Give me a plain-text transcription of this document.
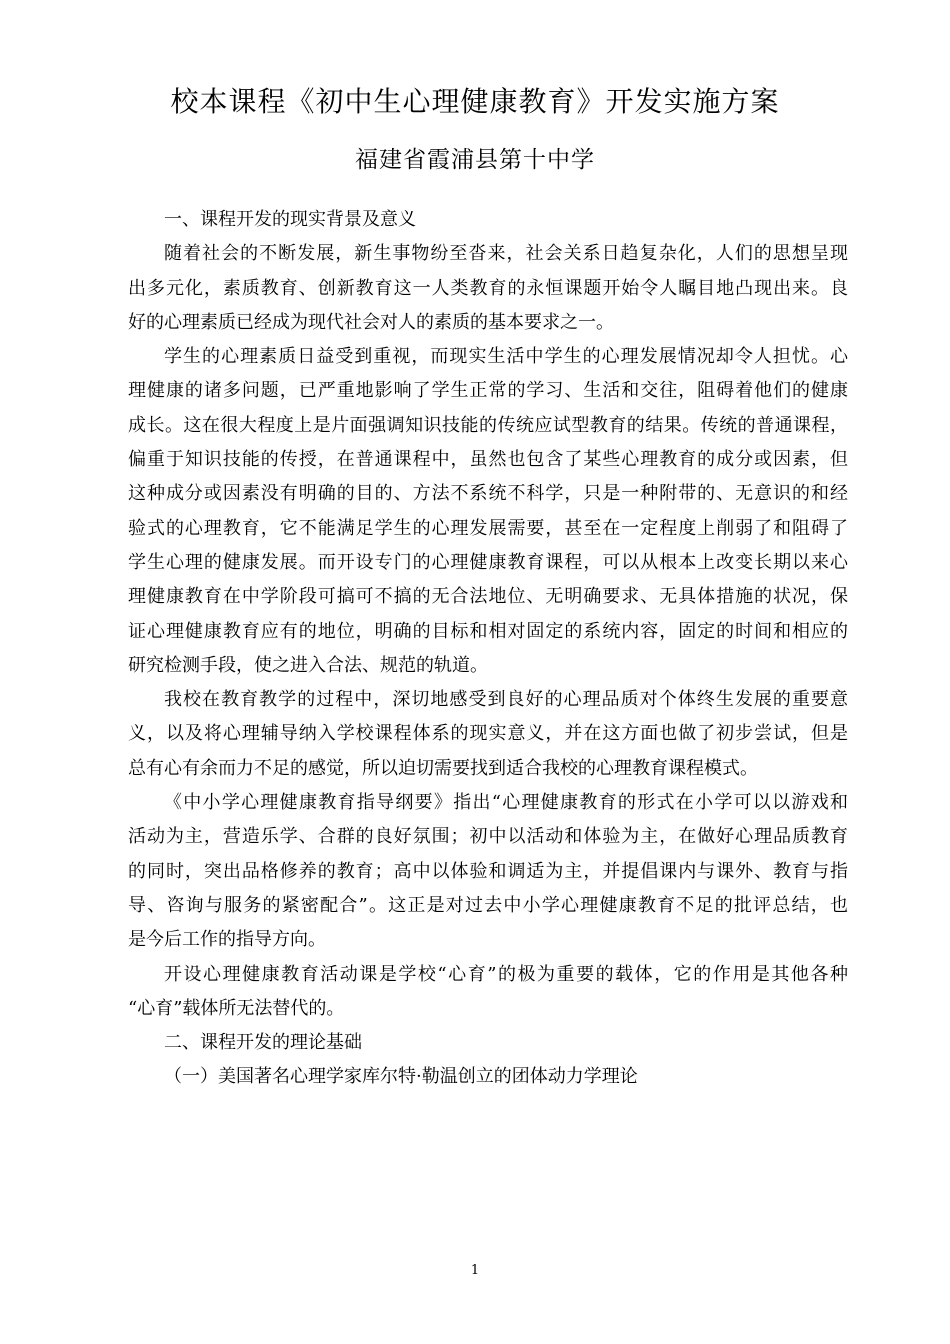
校本课程《初中生心理健康教育》开发实施方案
福建省霞浦县第十中学
一、课程开发的现实背景及意义
随着社会的不断发展，新生事物纷至沓来，社会关系日趋复杂化，人们的思想呈现
出多元化，素质教育、创新教育这一人类教育的永恒课题开始令人瞩目地凸现出来。良
好的心理素质已经成为现代社会对人的素质的基本要求之一。
学生的心理素质日益受到重视，而现实生活中学生的心理发展情况却令人担忧。心
理健康的诸多问题，已严重地影响了学生正常的学习、生活和交往，阻碍着他们的健康
成长。这在很大程度上是片面强调知识技能的传统应试型教育的结果。传统的普通课程，
偏重于知识技能的传授，在普通课程中，虽然也包含了某些心理教育的成分或因素，但
这种成分或因素没有明确的目的、方法不系统不科学，只是一种附带的、无意识的和经
验式的心理教育，它不能满足学生的心理发展需要，甚至在一定程度上削弱了和阻碍了
学生心理的健康发展。而开设专门的心理健康教育课程，可以从根本上改变长期以来心
理健康教育在中学阶段可搞可不搞的无合法地位、无明确要求、无具体措施的状况，保
证心理健康教育应有的地位，明确的目标和相对固定的系统内容，固定的时间和相应的
研究检测手段，使之进入合法、规范的轨道。
我校在教育教学的过程中，深切地感受到良好的心理品质对个体终生发展的重要意
义，以及将心理辅导纳入学校课程体系的现实意义，并在这方面也做了初步尝试，但是
总有心有余而力不足的感觉，所以迫切需要找到适合我校的心理教育课程模式。
《中小学心理健康教育指导纲要》指出“心理健康教育的形式在小学可以以游戏和
活动为主，营造乐学、合群的良好氛围；初中以活动和体验为主，在做好心理品质教育
的同时，突出品格修养的教育；高中以体验和调适为主，并提倡课内与课外、教育与指
导、咨询与服务的紧密配合”。这正是对过去中小学心理健康教育不足的批评总结，也
是今后工作的指导方向。
开设心理健康教育活动课是学校“心育”的极为重要的载体，它的作用是其他各种
“心育”载体所无法替代的。
二、课程开发的理论基础
（一）美国著名心理学家库尔特·勒温创立的团体动力学理论
1
